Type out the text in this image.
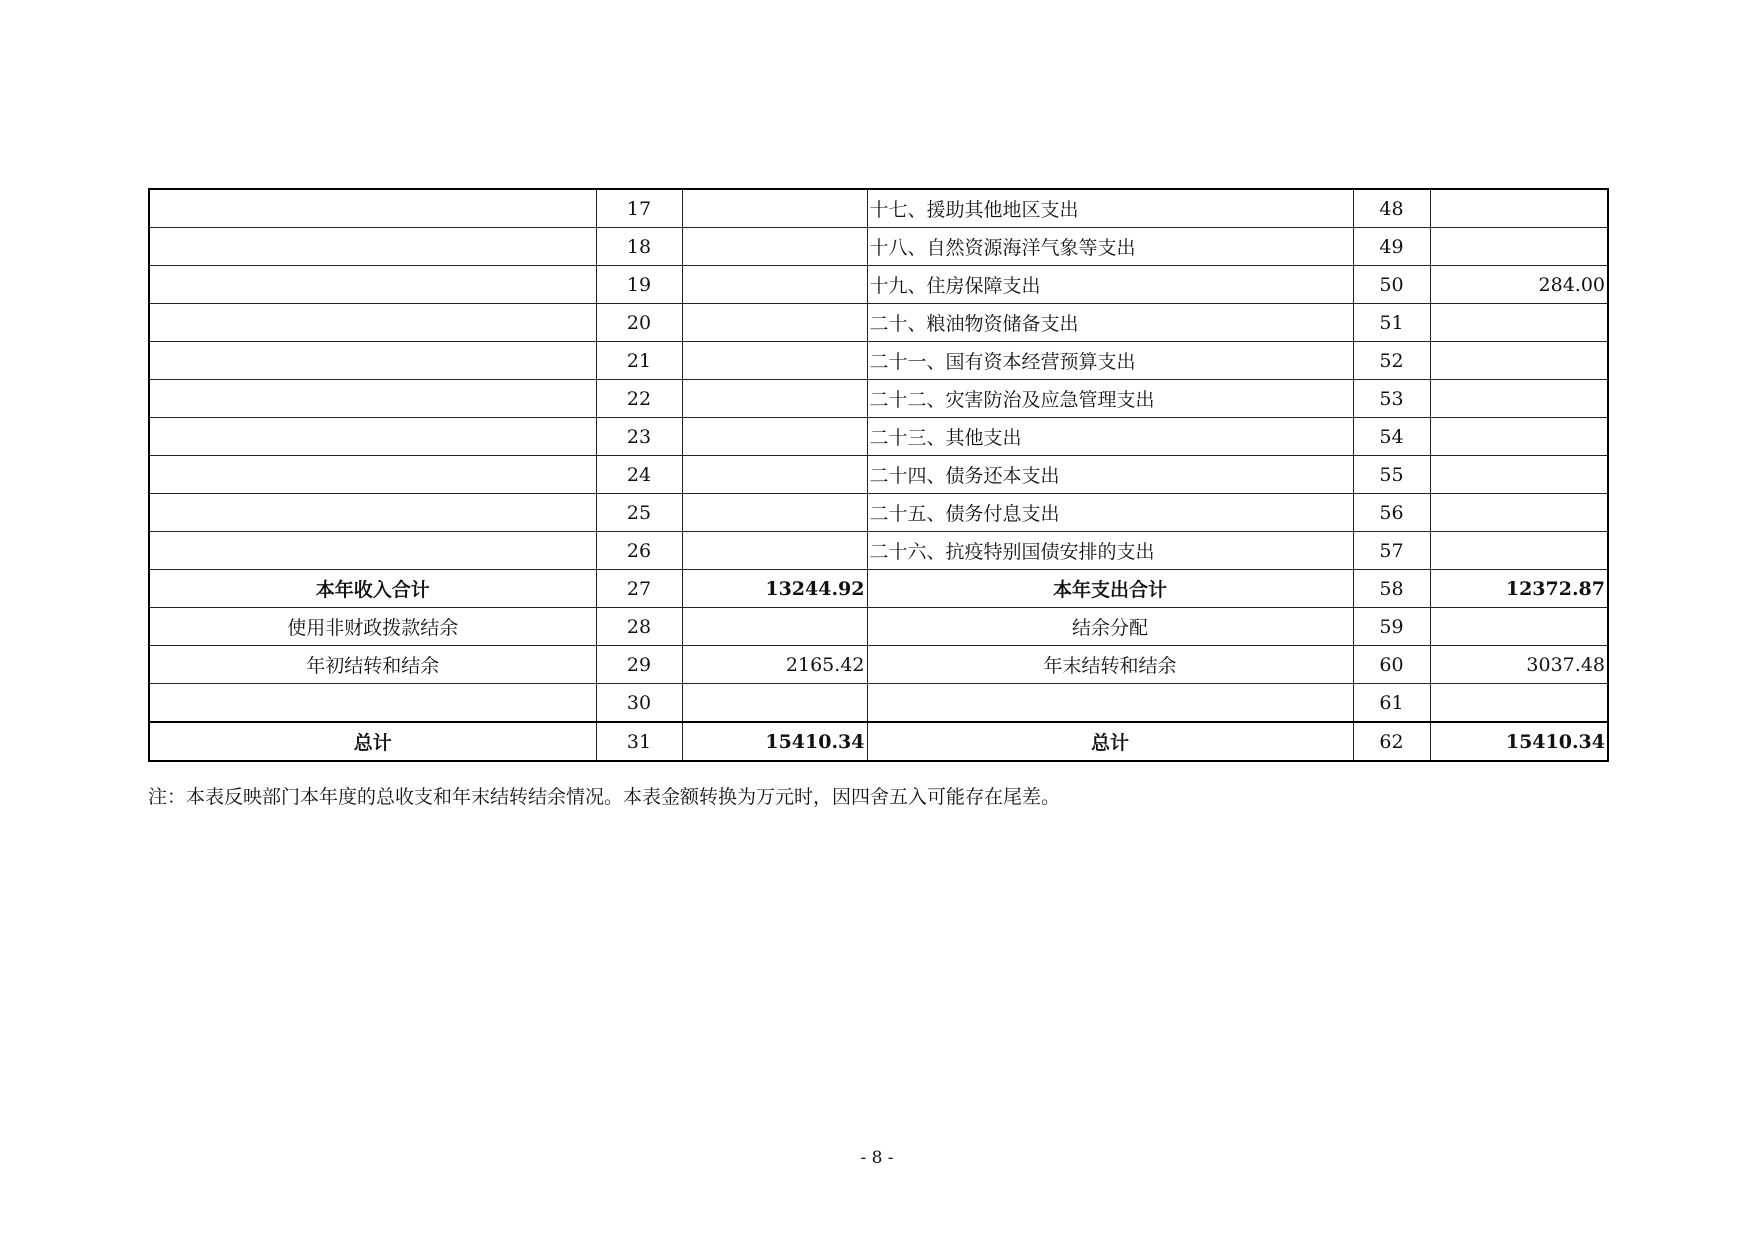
	17		十七、援助其他地区支出	48	
	18		十八、自然资源海洋气象等支出	49	
	19		十九、住房保障支出	50	284.00
	20		二十、粮油物资储备支出	51	
	21		二十一、国有资本经营预算支出	52	
	22		二十二、灾害防治及应急管理支出	53	
	23		二十三、其他支出	54	
	24		二十四、债务还本支出	55	
	25		二十五、债务付息支出	56	
	26		二十六、抗疫特别国债安排的支出	57	
本年收入合计	27	13244.92	本年支出合计	58	12372.87
使用非财政拨款结余	28		结余分配	59	
年初结转和结余	29	2165.42	年末结转和结余	60	3037.48
	30			61	
总计	31	15410.34	总计	62	15410.34
注：本表反映部门本年度的总收支和年末结转结余情况。本表金额转换为万元时，因四舍五入可能存在尾差。
- 8 -
